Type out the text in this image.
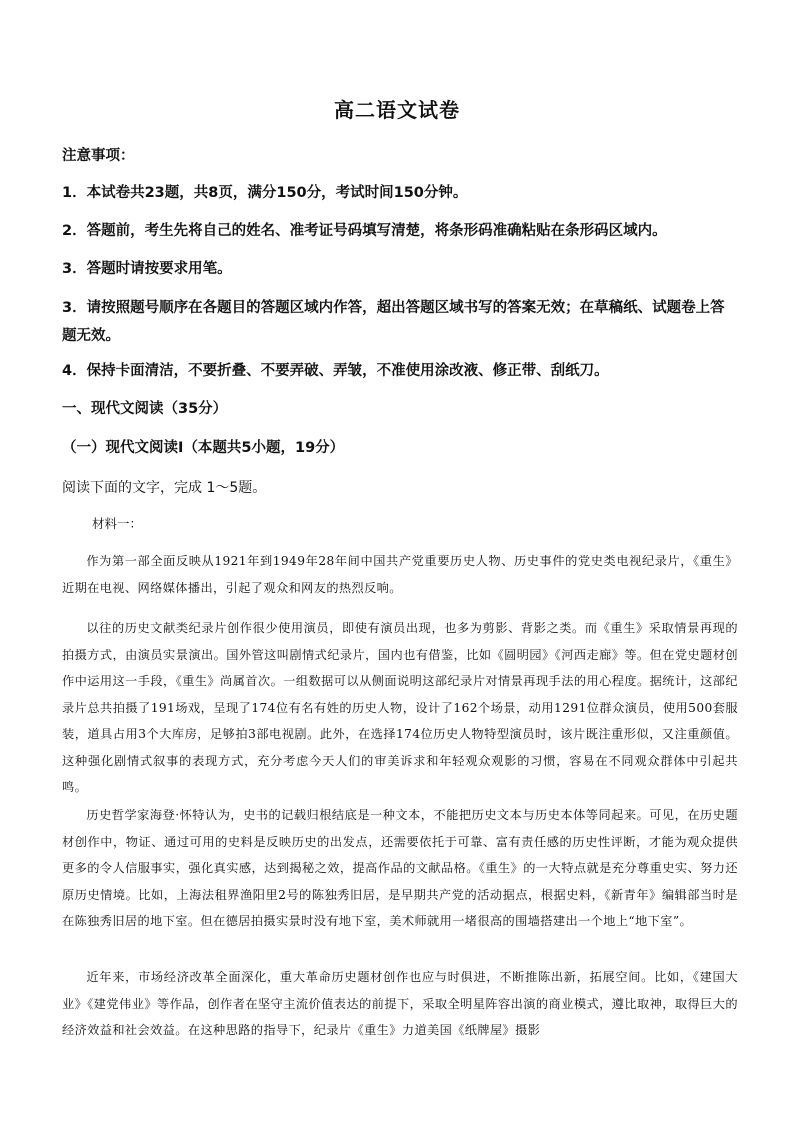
高二语文试卷
注意事项：
1．本试卷共23题，共8页，满分150分，考试时间150分钟。
2．答题前，考生先将自己的姓名、准考证号码填写清楚，将条形码准确粘贴在条形码区域内。
3．答题时请按要求用笔。
3．请按照题号顺序在各题目的答题区域内作答，超出答题区域书写的答案无效；在草稿纸、试题卷上答题无效。
4．保持卡面清洁，不要折叠、不要弄破、弄皱，不准使用涂改液、修正带、刮纸刀。
一、现代文阅读（35分）
（一）现代文阅读Ⅰ（本题共5小题，19分）
阅读下面的文字，完成 1～5题。
材料一：
作为第一部全面反映从1921年到1949年28年间中国共产党重要历史人物、历史事件的党史类电视纪录片，《重生》近期在电视、网络媒体播出，引起了观众和网友的热烈反响。
以往的历史文献类纪录片创作很少使用演员，即使有演员出现，也多为剪影、背影之类。而《重生》采取情景再现的拍摄方式，由演员实景演出。国外管这叫剧情式纪录片，国内也有借鉴，比如《圆明园》《河西走廊》等。但在党史题材创作中运用这一手段，《重生》尚属首次。一组数据可以从侧面说明这部纪录片对情景再现手法的用心程度。据统计，这部纪录片总共拍摄了191场戏，呈现了174位有名有姓的历史人物，设计了162个场景，动用1291位群众演员，使用500套服装，道具占用3个大库房，足够拍3部电视剧。此外，在选择174位历史人物特型演员时，该片既注重形似，又注重颜值。这种强化剧情式叙事的表现方式，充分考虑今天人们的审美诉求和年轻观众观影的习惯，容易在不同观众群体中引起共鸣。
历史哲学家海登·怀特认为，史书的记载归根结底是一种文本，不能把历史文本与历史本体等同起来。可见，在历史题材创作中，物证、通过可用的史料是反映历史的出发点，还需要依托于可靠、富有责任感的历史性评断，才能为观众提供更多的令人信服事实，强化真实感，达到揭秘之效，提高作品的文献品格。《重生》的一大特点就是充分尊重史实、努力还原历史情境。比如，上海法租界渔阳里2号的陈独秀旧居，是早期共产党的活动据点，根据史料，《新青年》编辑部当时是在陈独秀旧居的地下室。但在德居拍摄实景时没有地下室，美术师就用一堵很高的围墙搭建出一个地上“地下室”。
近年来，市场经济改革全面深化，重大革命历史题材创作也应与时俱进，不断推陈出新，拓展空间。比如，《建国大业》《建党伟业》等作品，创作者在坚守主流价值表达的前提下，采取全明星阵容出演的商业模式，遵比取神，取得巨大的经济效益和社会效益。在这种思路的指导下，纪录片《重生》力道美国《纸牌屋》摄影
